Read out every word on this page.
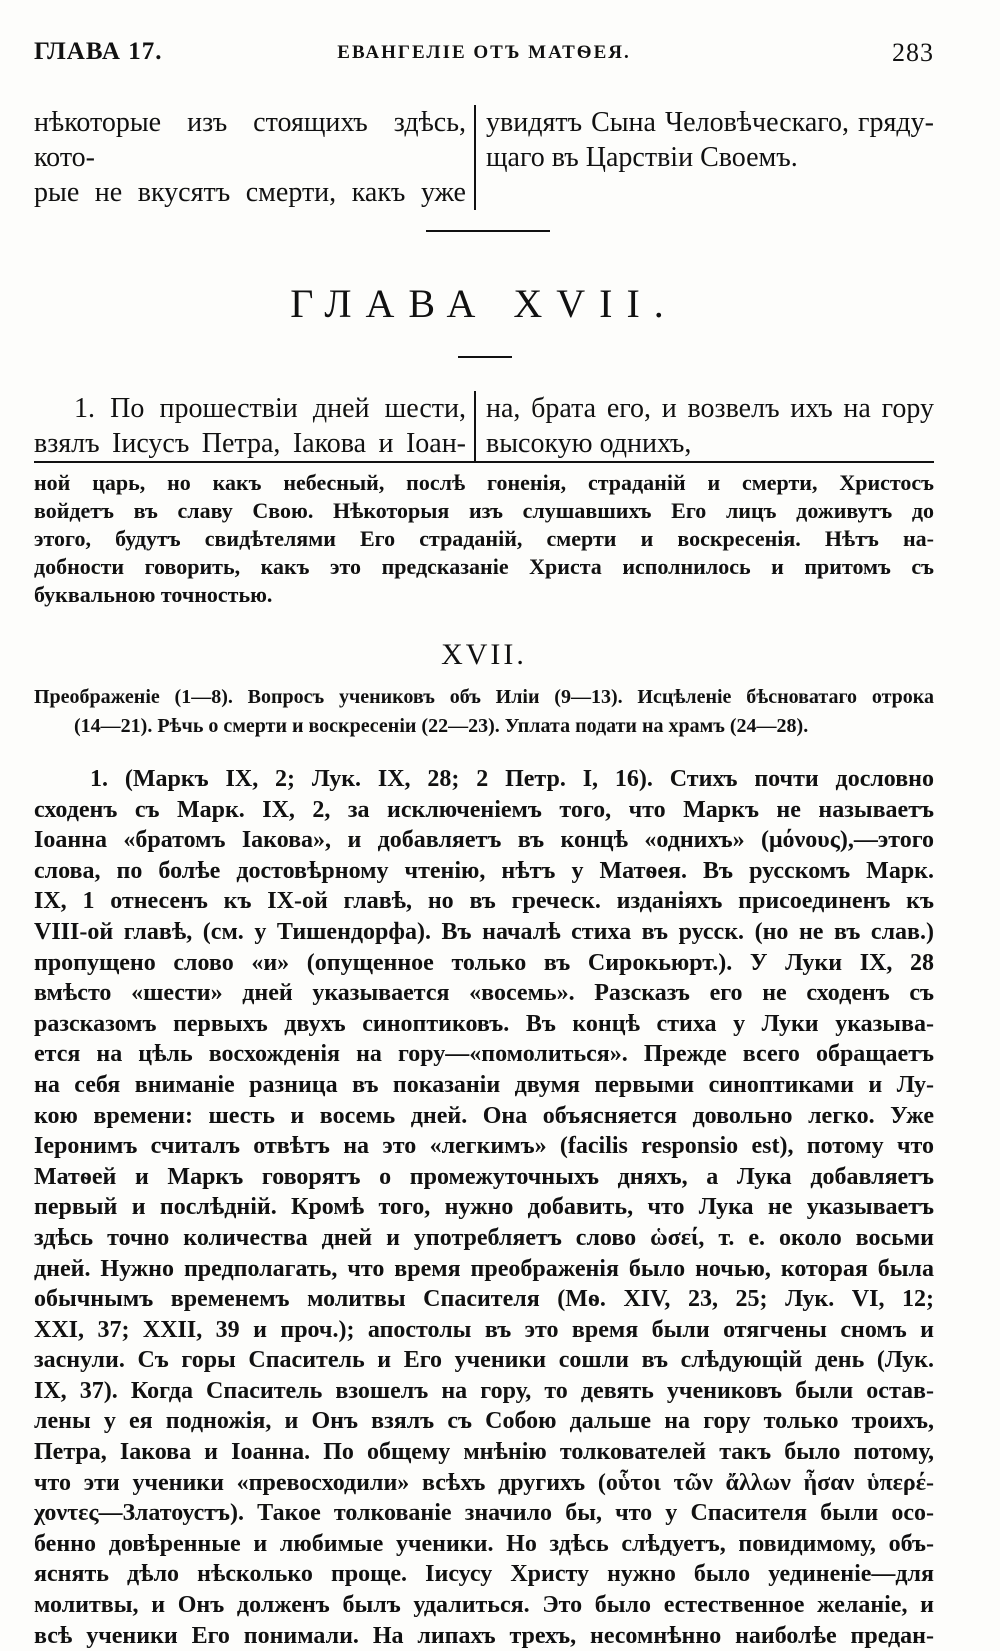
ГЛАВА 17.	ЕВАНГЕЛІЕ ОТЪ МАТѲЕЯ.	283
нѣкоторые изъ стоящихъ здѣсь, кото-
рые не вкусятъ смерти, какъ уже
увидятъ Сына Человѣческаго, гряду-
щаго въ Царствіи Своемъ.
ГЛАВА XVII.
1. По прошествіи дней шести,
взялъ Іисусъ Петра, Іакова и Іоан-
на, брата его, и возвелъ ихъ на гору
высокую однихъ,

ной царь, но какъ небесный, послѣ гоненія, страданій и смерти, Христосъ

войдетъ въ славу Свою. Нѣкоторыя изъ слушавшихъ Его лицъ доживутъ до

этого, будутъ свидѣтелями Его страданій, смерти и воскресенія. Нѣтъ на-

добности говорить, какъ это предсказаніе Христа исполнилось и притомъ съ

буквальною точностью.

XVII.
Преображеніе (1—8). Вопросъ учениковъ объ Иліи (9—13). Исцѣленіе бѣсноватаго отрока
(14—21). Рѣчь о смерти и воскресеніи (22—23). Уплата подати на храмъ (24—28).
1. (Маркъ IX, 2; Лук. IX, 28; 2 Петр. I, 16). Стихъ почти дословно
сходенъ съ Марк. IX, 2, за исключеніемъ того, что Маркъ не называетъ
Іоанна «братомъ Іакова», и добавляетъ въ концѣ «однихъ» (μόνους),—этого
слова, по болѣе достовѣрному чтенію, нѣтъ у Матѳея. Въ русскомъ Марк.
IX, 1 отнесенъ къ IX-ой главѣ, но въ греческ. изданіяхъ присоединенъ къ
VIII-ой главѣ, (см. у Тишендорфа). Въ началѣ стиха въ русск. (но не въ слав.)
пропущено слово «и» (опущенное только въ Сирокьюрт.). У Луки IX, 28
вмѣсто «шести» дней указывается «восемь». Разсказъ его не сходенъ съ
разсказомъ первыхъ двухъ синоптиковъ. Въ концѣ стиха у Луки указыва-
ется на цѣль восхожденія на гору—«помолиться». Прежде всего обращаетъ
на себя вниманіе разница въ показаніи двумя первыми синоптиками и Лу-
кою времени: шесть и восемь дней. Она объясняется довольно легко. Уже
Іеронимъ считалъ отвѣтъ на это «легкимъ» (facilis responsio est), потому что
Матѳей и Маркъ говорятъ о промежуточныхъ дняхъ, а Лука добавляетъ
первый и послѣдній. Кромѣ того, нужно добавить, что Лука не указываетъ
здѣсь точно количества дней и употребляетъ слово ὡσεί, т. е. около восьми
дней. Нужно предполагать, что время преображенія было ночью, которая была
обычнымъ временемъ молитвы Спасителя (Мѳ. XIV, 23, 25; Лук. VI, 12;
XXI, 37; XXII, 39 и проч.); апостолы въ это время были отягчены сномъ и
заснули. Съ горы Спаситель и Его ученики сошли въ слѣдующій день (Лук.
IX, 37). Когда Спаситель взошелъ на гору, то девять учениковъ были остав-
лены у ея подножія, и Онъ взялъ съ Собою дальше на гору только троихъ,
Петра, Іакова и Іоанна. По общему мнѣнію толкователей такъ было потому,
что эти ученики «превосходили» всѣхъ другихъ (οὗτοι τῶν ἄλλων ἦσαν ὑπερέ-
χοντες—Златоустъ). Такое толкованіе значило бы, что у Спасителя были осо-
бенно довѣренные и любимые ученики. Но здѣсь слѣдуетъ, повидимому, объ-
яснять дѣло нѣсколько проще. Іисусу Христу нужно было уединеніе—для
молитвы, и Онъ долженъ былъ удалиться. Это было естественное желаніе, и
всѣ ученики Его понимали. На липахъ трехъ, несомнѣнно наиболѣе предан-
